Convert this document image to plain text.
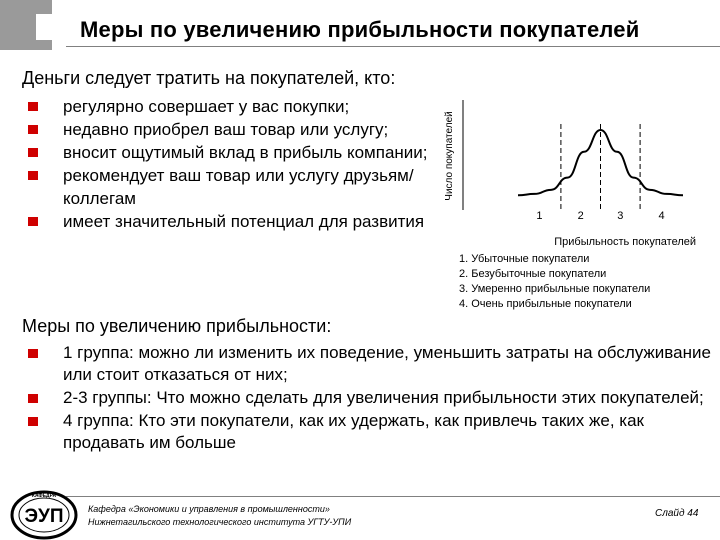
Меры по увеличению прибыльности покупателей
Деньги следует тратить на покупателей, кто:
регулярно совершает у вас покупки;
недавно приобрел ваш товар или услугу;
вносит ощутимый вклад в прибыль компании;
рекомендует ваш товар или услугу друзьям/коллегам
имеет значительный потенциал для развития
Число покупателей
1	2	3	4
Прибыльность покупателей
1. Убыточные покупатели
2. Безубыточные покупатели
3. Умеренно прибыльные покупатели
4. Очень прибыльные покупатели
Меры по увеличению прибыльности:
1 группа: можно ли изменить их поведение, уменьшить затраты на обслуживание или стоит отказаться от них;
2-3 группы: Что можно сделать для увеличения прибыльности этих покупателей;
4 группа: Кто эти покупатели, как их удержать, как привлечь таких же, как продавать им больше
КАФЕДРА
ЭУП	Кафедра «Экономики и управления в промышленности»
Нижнетагильского технологического института УГТУ-УПИ
Слайд 44
